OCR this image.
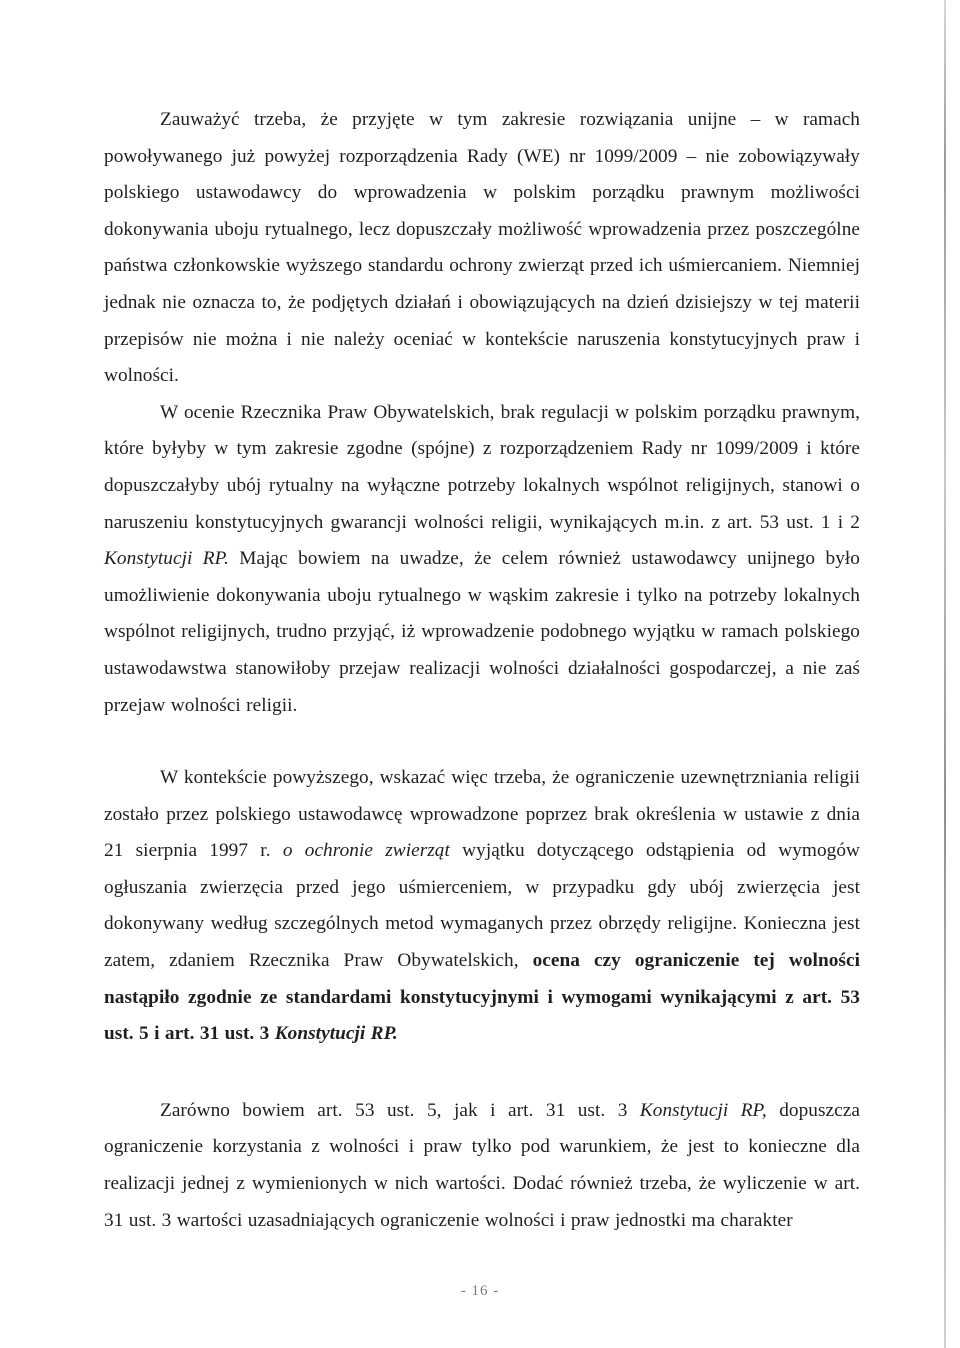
Zauważyć trzeba, że przyjęte w tym zakresie rozwiązania unijne – w ramach powoływanego już powyżej rozporządzenia Rady (WE) nr 1099/2009 – nie zobowiązywały polskiego ustawodawcy do wprowadzenia w polskim porządku prawnym możliwości dokonywania uboju rytualnego, lecz dopuszczały możliwość wprowadzenia przez poszczególne państwa członkowskie wyższego standardu ochrony zwierząt przed ich uśmiercaniem. Niemniej jednak nie oznacza to, że podjętych działań i obowiązujących na dzień dzisiejszy w tej materii przepisów nie można i nie należy oceniać w kontekście naruszenia konstytucyjnych praw i wolności.

W ocenie Rzecznika Praw Obywatelskich, brak regulacji w polskim porządku prawnym, które byłyby w tym zakresie zgodne (spójne) z rozporządzeniem Rady nr 1099/2009 i które dopuszczałyby ubój rytualny na wyłączne potrzeby lokalnych wspólnot religijnych, stanowi o naruszeniu konstytucyjnych gwarancji wolności religii, wynikających m.in. z art. 53 ust. 1 i 2 Konstytucji RP. Mając bowiem na uwadze, że celem również ustawodawcy unijnego było umożliwienie dokonywania uboju rytualnego w wąskim zakresie i tylko na potrzeby lokalnych wspólnot religijnych, trudno przyjąć, iż wprowadzenie podobnego wyjątku w ramach polskiego ustawodawstwa stanowiłoby przejaw realizacji wolności działalności gospodarczej, a nie zaś przejaw wolności religii.

W kontekście powyższego, wskazać więc trzeba, że ograniczenie uzewnętrzniania religii zostało przez polskiego ustawodawcę wprowadzone poprzez brak określenia w ustawie z dnia 21 sierpnia 1997 r. o ochronie zwierząt wyjątku dotyczącego odstąpienia od wymogów ogłuszania zwierzęcia przed jego uśmierceniem, w przypadku gdy ubój zwierzęcia jest dokonywany według szczególnych metod wymaganych przez obrzędy religijne. Konieczna jest zatem, zdaniem Rzecznika Praw Obywatelskich, ocena czy ograniczenie tej wolności nastąpiło zgodnie ze standardami konstytucyjnymi i wymogami wynikającymi z art. 53 ust. 5 i art. 31 ust. 3 Konstytucji RP.

Zarówno bowiem art. 53 ust. 5, jak i art. 31 ust. 3 Konstytucji RP, dopuszcza ograniczenie korzystania z wolności i praw tylko pod warunkiem, że jest to konieczne dla realizacji jednej z wymienionych w nich wartości. Dodać również trzeba, że wyliczenie w art. 31 ust. 3 wartości uzasadniających ograniczenie wolności i praw jednostki ma charakter

- 16 -
